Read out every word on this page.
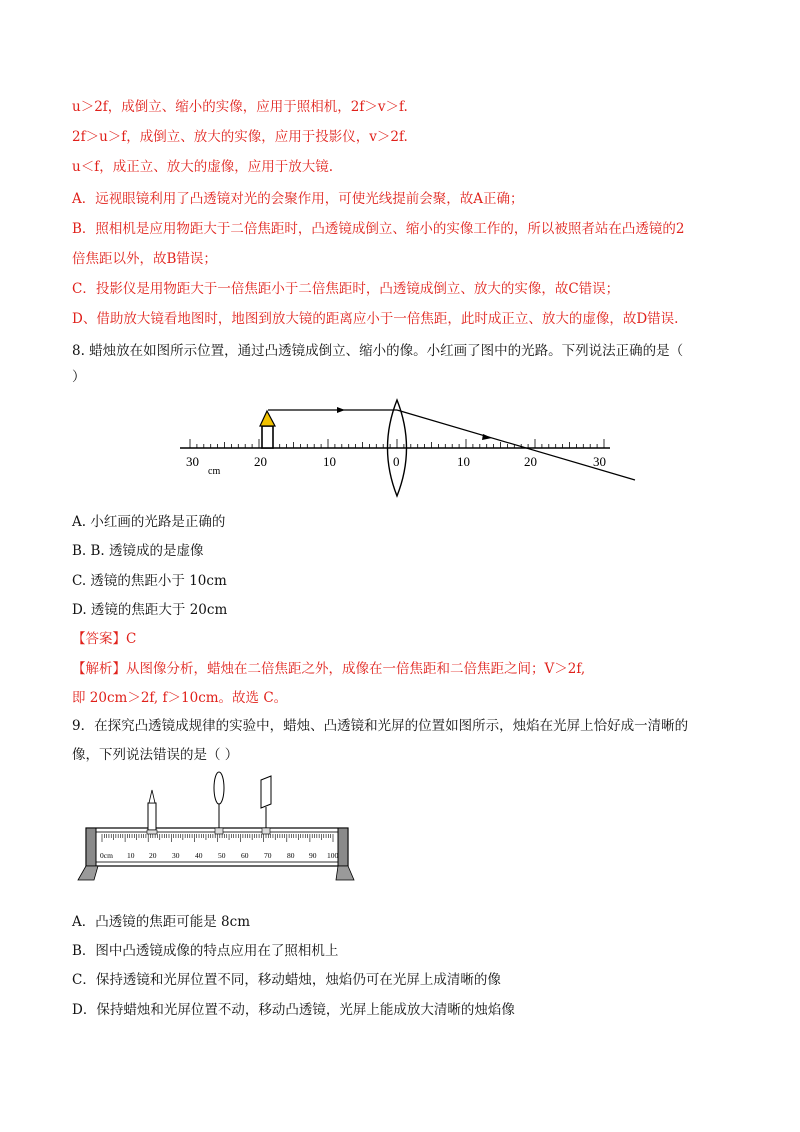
u＞2f，成倒立、缩小的实像，应用于照相机，2f＞v＞f.
2f＞u＞f，成倒立、放大的实像，应用于投影仪，v＞2f.
u＜f，成正立、放大的虚像，应用于放大镜.
A．远视眼镜利用了凸透镜对光的会聚作用，可使光线提前会聚，故A正确；
B．照相机是应用物距大于二倍焦距时，凸透镜成倒立、缩小的实像工作的，所以被照者站在凸透镜的2
倍焦距以外，故B错误；
C．投影仪是用物距大于一倍焦距小于二倍焦距时，凸透镜成倒立、放大的实像，故C错误；
D、借助放大镜看地图时，地图到放大镜的距离应小于一倍焦距，此时成正立、放大的虚像，故D错误.
8. 蜡烛放在如图所示位置，通过凸透镜成倒立、缩小的像。小红画了图中的光路。下列说法正确的是（
）
30
cm
20	10	0	10	20	30
A. 小红画的光路是正确的
B. B. 透镜成的是虚像
C. 透镜的焦距小于 10cm
D. 透镜的焦距大于 20cm
【答案】C
【解析】从图像分析，蜡烛在二倍焦距之外，成像在一倍焦距和二倍焦距之间；V＞2f,
即 20cm＞2f, f＞10cm。故选 C。
9．在探究凸透镜成规律的实验中，蜡烛、凸透镜和光屏的位置如图所示，烛焰在光屏上恰好成一清晰的
像，下列说法错误的是（ ）
0cm 10 20 30 40 50 60 70 80 90 100
A．凸透镜的焦距可能是 8cm
B．图中凸透镜成像的特点应用在了照相机上
C．保持透镜和光屏位置不同，移动蜡烛，烛焰仍可在光屏上成清晰的像
D．保持蜡烛和光屏位置不动，移动凸透镜，光屏上能成放大清晰的烛焰像
